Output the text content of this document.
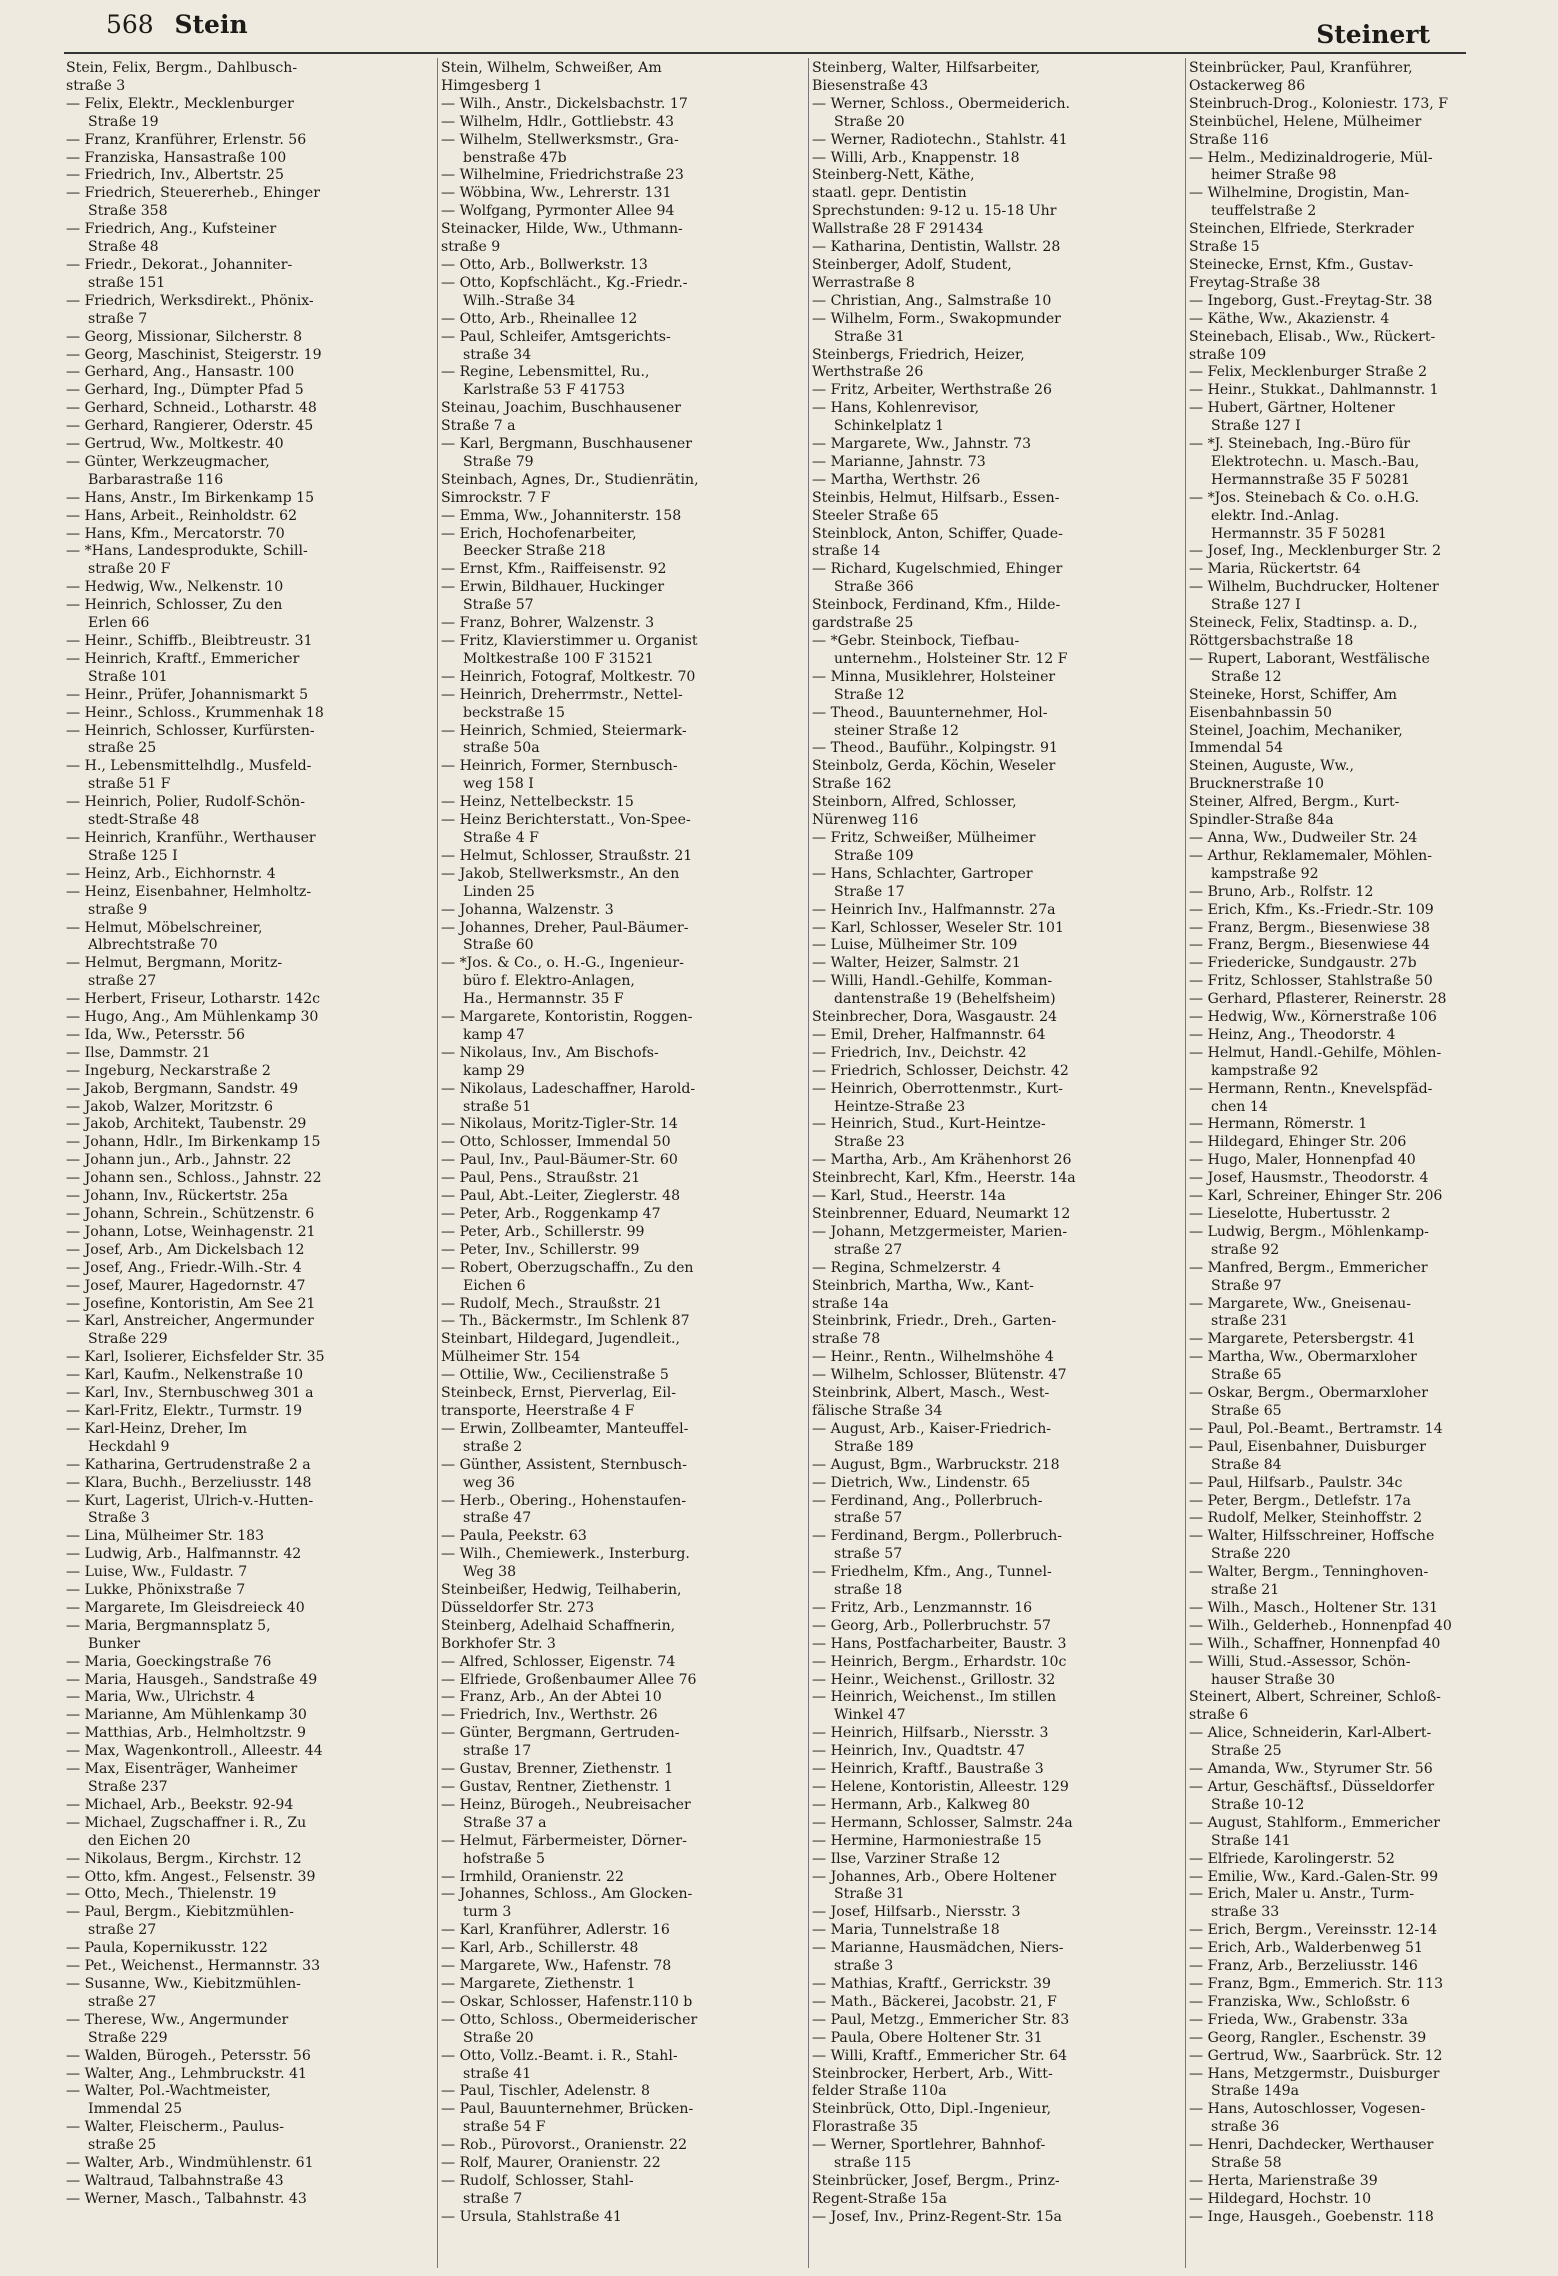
568 Stein	Steinert
Stein, Felix, Bergm., Dahlbusch-
straße 3
— Felix, Elektr., Mecklenburger
Straße 19
— Franz, Kranführer, Erlenstr. 56
— Franziska, Hansastraße 100
— Friedrich, Inv., Albertstr. 25
— Friedrich, Steuererheb., Ehinger
Straße 358
— Friedrich, Ang., Kufsteiner
Straße 48
— Friedr., Dekorat., Johanniter-
straße 151
— Friedrich, Werksdirekt., Phönix-
straße 7
— Georg, Missionar, Silcherstr. 8
— Georg, Maschinist, Steigerstr. 19
— Gerhard, Ang., Hansastr. 100
— Gerhard, Ing., Dümpter Pfad 5
— Gerhard, Schneid., Lotharstr. 48
— Gerhard, Rangierer, Oderstr. 45
— Gertrud, Ww., Moltkestr. 40
— Günter, Werkzeugmacher,
Barbarastraße 116
— Hans, Anstr., Im Birkenkamp 15
— Hans, Arbeit., Reinholdstr. 62
— Hans, Kfm., Mercatorstr. 70
— *Hans, Landesprodukte, Schill-
straße 20 F
— Hedwig, Ww., Nelkenstr. 10
— Heinrich, Schlosser, Zu den
Erlen 66
— Heinr., Schiffb., Bleibtreustr. 31
— Heinrich, Kraftf., Emmericher
Straße 101
— Heinr., Prüfer, Johannismarkt 5
— Heinr., Schloss., Krummenhak 18
— Heinrich, Schlosser, Kurfürsten-
straße 25
— H., Lebensmittelhdlg., Musfeld-
straße 51 F
— Heinrich, Polier, Rudolf-Schön-
stedt-Straße 48
— Heinrich, Kranführ., Werthauser
Straße 125 I
— Heinz, Arb., Eichhornstr. 4
— Heinz, Eisenbahner, Helmholtz-
straße 9
— Helmut, Möbelschreiner,
Albrechtstraße 70
— Helmut, Bergmann, Moritz-
straße 27
— Herbert, Friseur, Lotharstr. 142c
— Hugo, Ang., Am Mühlenkamp 30
— Ida, Ww., Petersstr. 56
— Ilse, Dammstr. 21
— Ingeburg, Neckarstraße 2
— Jakob, Bergmann, Sandstr. 49
— Jakob, Walzer, Moritzstr. 6
— Jakob, Architekt, Taubenstr. 29
— Johann, Hdlr., Im Birkenkamp 15
— Johann jun., Arb., Jahnstr. 22
— Johann sen., Schloss., Jahnstr. 22
— Johann, Inv., Rückertstr. 25a
— Johann, Schrein., Schützenstr. 6
— Johann, Lotse, Weinhagenstr. 21
— Josef, Arb., Am Dickelsbach 12
— Josef, Ang., Friedr.-Wilh.-Str. 4
— Josef, Maurer, Hagedornstr. 47
— Josefine, Kontoristin, Am See 21
— Karl, Anstreicher, Angermunder
Straße 229
— Karl, Isolierer, Eichsfelder Str. 35
— Karl, Kaufm., Nelkenstraße 10
— Karl, Inv., Sternbuschweg 301 a
— Karl-Fritz, Elektr., Turmstr. 19
— Karl-Heinz, Dreher, Im
Heckdahl 9
— Katharina, Gertrudenstraße 2 a
— Klara, Buchh., Berzeliusstr. 148
— Kurt, Lagerist, Ulrich-v.-Hutten-
Straße 3
— Lina, Mülheimer Str. 183
— Ludwig, Arb., Halfmannstr. 42
— Luise, Ww., Fuldastr. 7
— Lukke, Phönixstraße 7
— Margarete, Im Gleisdreieck 40
— Maria, Bergmannsplatz 5,
Bunker
— Maria, Goeckingstraße 76
— Maria, Hausgeh., Sandstraße 49
— Maria, Ww., Ulrichstr. 4
— Marianne, Am Mühlenkamp 30
— Matthias, Arb., Helmholtzstr. 9
— Max, Wagenkontroll., Alleestr. 44
— Max, Eisenträger, Wanheimer
Straße 237
— Michael, Arb., Beekstr. 92-94
— Michael, Zugschaffner i. R., Zu
den Eichen 20
— Nikolaus, Bergm., Kirchstr. 12
— Otto, kfm. Angest., Felsenstr. 39
— Otto, Mech., Thielenstr. 19
— Paul, Bergm., Kiebitzmühlen-
straße 27
— Paula, Kopernikusstr. 122
— Pet., Weichenst., Hermannstr. 33
— Susanne, Ww., Kiebitzmühlen-
straße 27
— Therese, Ww., Angermunder
Straße 229
— Walden, Bürogeh., Petersstr. 56
— Walter, Ang., Lehmbruckstr. 41
— Walter, Pol.-Wachtmeister,
Immendal 25
— Walter, Fleischerm., Paulus-
straße 25
— Walter, Arb., Windmühlenstr. 61
— Waltraud, Talbahnstraße 43
— Werner, Masch., Talbahnstr. 43
Stein, Wilhelm, Schweißer, Am
Himgesberg 1
— Wilh., Anstr., Dickelsbachstr. 17
— Wilhelm, Hdlr., Gottliebstr. 43
— Wilhelm, Stellwerksmstr., Gra-
benstraße 47b
— Wilhelmine, Friedrichstraße 23
— Wöbbina, Ww., Lehrerstr. 131
— Wolfgang, Pyrmonter Allee 94
Steinacker, Hilde, Ww., Uthmann-
straße 9
— Otto, Arb., Bollwerkstr. 13
— Otto, Kopfschlächt., Kg.-Friedr.-
Wilh.-Straße 34
— Otto, Arb., Rheinallee 12
— Paul, Schleifer, Amtsgerichts-
straße 34
— Regine, Lebensmittel, Ru.,
Karlstraße 53 F 41753
Steinau, Joachim, Buschhausener
Straße 7 a
— Karl, Bergmann, Buschhausener
Straße 79
Steinbach, Agnes, Dr., Studienrätin,
Simrockstr. 7 F
— Emma, Ww., Johanniterstr. 158
— Erich, Hochofenarbeiter,
Beecker Straße 218
— Ernst, Kfm., Raiffeisenstr. 92
— Erwin, Bildhauer, Huckinger
Straße 57
— Franz, Bohrer, Walzenstr. 3
— Fritz, Klavierstimmer u. Organist
Moltkestraße 100 F 31521
— Heinrich, Fotograf, Moltkestr. 70
— Heinrich, Dreherrmstr., Nettel-
beckstraße 15
— Heinrich, Schmied, Steiermark-
straße 50a
— Heinrich, Former, Sternbusch-
weg 158 I
— Heinz, Nettelbeckstr. 15
— Heinz Berichterstatt., Von-Spee-
Straße 4 F
— Helmut, Schlosser, Straußstr. 21
— Jakob, Stellwerksmstr., An den
Linden 25
— Johanna, Walzenstr. 3
— Johannes, Dreher, Paul-Bäumer-
Straße 60
— *Jos. & Co., o. H.-G., Ingenieur-
büro f. Elektro-Anlagen,
Ha., Hermannstr. 35 F
— Margarete, Kontoristin, Roggen-
kamp 47
— Nikolaus, Inv., Am Bischofs-
kamp 29
— Nikolaus, Ladeschaffner, Harold-
straße 51
— Nikolaus, Moritz-Tigler-Str. 14
— Otto, Schlosser, Immendal 50
— Paul, Inv., Paul-Bäumer-Str. 60
— Paul, Pens., Straußstr. 21
— Paul, Abt.-Leiter, Zieglerstr. 48
— Peter, Arb., Roggenkamp 47
— Peter, Arb., Schillerstr. 99
— Peter, Inv., Schillerstr. 99
— Robert, Oberzugschaffn., Zu den
Eichen 6
— Rudolf, Mech., Straußstr. 21
— Th., Bäckermstr., Im Schlenk 87
Steinbart, Hildegard, Jugendleit.,
Mülheimer Str. 154
— Ottilie, Ww., Cecilienstraße 5
Steinbeck, Ernst, Pierverlag, Eil-
transporte, Heerstraße 4 F
— Erwin, Zollbeamter, Manteuffel-
straße 2
— Günther, Assistent, Sternbusch-
weg 36
— Herb., Obering., Hohenstaufen-
straße 47
— Paula, Peekstr. 63
— Wilh., Chemiewerk., Insterburg.
Weg 38
Steinbeißer, Hedwig, Teilhaberin,
Düsseldorfer Str. 273
Steinberg, Adelhaid Schaffnerin,
Borkhofer Str. 3
— Alfred, Schlosser, Eigenstr. 74
— Elfriede, Großenbaumer Allee 76
— Franz, Arb., An der Abtei 10
— Friedrich, Inv., Werthstr. 26
— Günter, Bergmann, Gertruden-
straße 17
— Gustav, Brenner, Ziethenstr. 1
— Gustav, Rentner, Ziethenstr. 1
— Heinz, Bürogeh., Neubreisacher
Straße 37 a
— Helmut, Färbermeister, Dörner-
hofstraße 5
— Irmhild, Oranienstr. 22
— Johannes, Schloss., Am Glocken-
turm 3
— Karl, Kranführer, Adlerstr. 16
— Karl, Arb., Schillerstr. 48
— Margarete, Ww., Hafenstr. 78
— Margarete, Ziethenstr. 1
— Oskar, Schlosser, Hafenstr.110 b
— Otto, Schloss., Obermeiderischer
Straße 20
— Otto, Vollz.-Beamt. i. R., Stahl-
straße 41
— Paul, Tischler, Adelenstr. 8
— Paul, Bauunternehmer, Brücken-
straße 54 F
— Rob., Pürovorst., Oranienstr. 22
— Rolf, Maurer, Oranienstr. 22
— Rudolf, Schlosser, Stahl-
straße 7
— Ursula, Stahlstraße 41
Steinberg, Walter, Hilfsarbeiter,
Biesenstraße 43
— Werner, Schloss., Obermeiderich.
Straße 20
— Werner, Radiotechn., Stahlstr. 41
— Willi, Arb., Knappenstr. 18
Steinberg-Nett, Käthe,
staatl. gepr. Dentistin
Sprechstunden: 9-12 u. 15-18 Uhr
Wallstraße 28 F 291434
— Katharina, Dentistin, Wallstr. 28
Steinberger, Adolf, Student,
Werrastraße 8
— Christian, Ang., Salmstraße 10
— Wilhelm, Form., Swakopmunder
Straße 31
Steinbergs, Friedrich, Heizer,
Werthstraße 26
— Fritz, Arbeiter, Werthstraße 26
— Hans, Kohlenrevisor,
Schinkelplatz 1
— Margarete, Ww., Jahnstr. 73
— Marianne, Jahnstr. 73
— Martha, Werthstr. 26
Steinbis, Helmut, Hilfsarb., Essen-
Steeler Straße 65
Steinblock, Anton, Schiffer, Quade-
straße 14
— Richard, Kugelschmied, Ehinger
Straße 366
Steinbock, Ferdinand, Kfm., Hilde-
gardstraße 25
— *Gebr. Steinbock, Tiefbau-
unternehm., Holsteiner Str. 12 F
— Minna, Musiklehrer, Holsteiner
Straße 12
— Theod., Bauunternehmer, Hol-
steiner Straße 12
— Theod., Bauführ., Kolpingstr. 91
Steinbolz, Gerda, Köchin, Weseler
Straße 162
Steinborn, Alfred, Schlosser,
Nürenweg 116
— Fritz, Schweißer, Mülheimer
Straße 109
— Hans, Schlachter, Gartroper
Straße 17
— Heinrich Inv., Halfmannstr. 27a
— Karl, Schlosser, Weseler Str. 101
— Luise, Mülheimer Str. 109
— Walter, Heizer, Salmstr. 21
— Willi, Handl.-Gehilfe, Komman-
dantenstraße 19 (Behelfsheim)
Steinbrecher, Dora, Wasgaustr. 24
— Emil, Dreher, Halfmannstr. 64
— Friedrich, Inv., Deichstr. 42
— Friedrich, Schlosser, Deichstr. 42
— Heinrich, Oberrottenmstr., Kurt-
Heintze-Straße 23
— Heinrich, Stud., Kurt-Heintze-
Straße 23
— Martha, Arb., Am Krähenhorst 26
Steinbrecht, Karl, Kfm., Heerstr. 14a
— Karl, Stud., Heerstr. 14a
Steinbrenner, Eduard, Neumarkt 12
— Johann, Metzgermeister, Marien-
straße 27
— Regina, Schmelzerstr. 4
Steinbrich, Martha, Ww., Kant-
straße 14a
Steinbrink, Friedr., Dreh., Garten-
straße 78
— Heinr., Rentn., Wilhelmshöhe 4
— Wilhelm, Schlosser, Blütenstr. 47
Steinbrink, Albert, Masch., West-
fälische Straße 34
— August, Arb., Kaiser-Friedrich-
Straße 189
— August, Bgm., Warbruckstr. 218
— Dietrich, Ww., Lindenstr. 65
— Ferdinand, Ang., Pollerbruch-
straße 57
— Ferdinand, Bergm., Pollerbruch-
straße 57
— Friedhelm, Kfm., Ang., Tunnel-
straße 18
— Fritz, Arb., Lenzmannstr. 16
— Georg, Arb., Pollerbruchstr. 57
— Hans, Postfacharbeiter, Baustr. 3
— Heinrich, Bergm., Erhardstr. 10c
— Heinr., Weichenst., Grillostr. 32
— Heinrich, Weichenst., Im stillen
Winkel 47
— Heinrich, Hilfsarb., Niersstr. 3
— Heinrich, Inv., Quadtstr. 47
— Heinrich, Kraftf., Baustraße 3
— Helene, Kontoristin, Alleestr. 129
— Hermann, Arb., Kalkweg 80
— Hermann, Schlosser, Salmstr. 24a
— Hermine, Harmoniestraße 15
— Ilse, Varziner Straße 12
— Johannes, Arb., Obere Holtener
Straße 31
— Josef, Hilfsarb., Niersstr. 3
— Maria, Tunnelstraße 18
— Marianne, Hausmädchen, Niers-
straße 3
— Mathias, Kraftf., Gerrickstr. 39
— Math., Bäckerei, Jacobstr. 21, F
— Paul, Metzg., Emmericher Str. 83
— Paula, Obere Holtener Str. 31
— Willi, Kraftf., Emmericher Str. 64
Steinbrocker, Herbert, Arb., Witt-
felder Straße 110a
Steinbrück, Otto, Dipl.-Ingenieur,
Florastraße 35
— Werner, Sportlehrer, Bahnhof-
straße 115
Steinbrücker, Josef, Bergm., Prinz-
Regent-Straße 15a
— Josef, Inv., Prinz-Regent-Str. 15a
Steinbrücker, Paul, Kranführer,
Ostackerweg 86
Steinbruch-Drog., Koloniestr. 173, F
Steinbüchel, Helene, Mülheimer
Straße 116
— Helm., Medizinaldrogerie, Mül-
heimer Straße 98
— Wilhelmine, Drogistin, Man-
teuffelstraße 2
Steinchen, Elfriede, Sterkrader
Straße 15
Steinecke, Ernst, Kfm., Gustav-
Freytag-Straße 38
— Ingeborg, Gust.-Freytag-Str. 38
— Käthe, Ww., Akazienstr. 4
Steinebach, Elisab., Ww., Rückert-
straße 109
— Felix, Mecklenburger Straße 2
— Heinr., Stukkat., Dahlmannstr. 1
— Hubert, Gärtner, Holtener
Straße 127 I
— *J. Steinebach, Ing.-Büro für
Elektrotechn. u. Masch.-Bau,
Hermannstraße 35 F 50281
— *Jos. Steinebach & Co. o.H.G.
elektr. Ind.-Anlag.
Hermannstr. 35 F 50281
— Josef, Ing., Mecklenburger Str. 2
— Maria, Rückertstr. 64
— Wilhelm, Buchdrucker, Holtener
Straße 127 I
Steineck, Felix, Stadtinsp. a. D.,
Röttgersbachstraße 18
— Rupert, Laborant, Westfälische
Straße 12
Steineke, Horst, Schiffer, Am
Eisenbahnbassin 50
Steinel, Joachim, Mechaniker,
Immendal 54
Steinen, Auguste, Ww.,
Brucknerstraße 10
Steiner, Alfred, Bergm., Kurt-
Spindler-Straße 84a
— Anna, Ww., Dudweiler Str. 24
— Arthur, Reklamemaler, Möhlen-
kampstraße 92
— Bruno, Arb., Rolfstr. 12
— Erich, Kfm., Ks.-Friedr.-Str. 109
— Franz, Bergm., Biesenwiese 38
— Franz, Bergm., Biesenwiese 44
— Friedericke, Sundgaustr. 27b
— Fritz, Schlosser, Stahlstraße 50
— Gerhard, Pflasterer, Reinerstr. 28
— Hedwig, Ww., Körnerstraße 106
— Heinz, Ang., Theodorstr. 4
— Helmut, Handl.-Gehilfe, Möhlen-
kampstraße 92
— Hermann, Rentn., Knevelspfäd-
chen 14
— Hermann, Römerstr. 1
— Hildegard, Ehinger Str. 206
— Hugo, Maler, Honnenpfad 40
— Josef, Hausmstr., Theodorstr. 4
— Karl, Schreiner, Ehinger Str. 206
— Lieselotte, Hubertusstr. 2
— Ludwig, Bergm., Möhlenkamp-
straße 92
— Manfred, Bergm., Emmericher
Straße 97
— Margarete, Ww., Gneisenau-
straße 231
— Margarete, Petersbergstr. 41
— Martha, Ww., Obermarxloher
Straße 65
— Oskar, Bergm., Obermarxloher
Straße 65
— Paul, Pol.-Beamt., Bertramstr. 14
— Paul, Eisenbahner, Duisburger
Straße 84
— Paul, Hilfsarb., Paulstr. 34c
— Peter, Bergm., Detlefstr. 17a
— Rudolf, Melker, Steinhoffstr. 2
— Walter, Hilfsschreiner, Hoffsche
Straße 220
— Walter, Bergm., Tenninghoven-
straße 21
— Wilh., Masch., Holtener Str. 131
— Wilh., Gelderheb., Honnenpfad 40
— Wilh., Schaffner, Honnenpfad 40
— Willi, Stud.-Assessor, Schön-
hauser Straße 30
Steinert, Albert, Schreiner, Schloß-
straße 6
— Alice, Schneiderin, Karl-Albert-
Straße 25
— Amanda, Ww., Styrumer Str. 56
— Artur, Geschäftsf., Düsseldorfer
Straße 10-12
— August, Stahlform., Emmericher
Straße 141
— Elfriede, Karolingerstr. 52
— Emilie, Ww., Kard.-Galen-Str. 99
— Erich, Maler u. Anstr., Turm-
straße 33
— Erich, Bergm., Vereinsstr. 12-14
— Erich, Arb., Walderbenweg 51
— Franz, Arb., Berzeliusstr. 146
— Franz, Bgm., Emmerich. Str. 113
— Franziska, Ww., Schloßstr. 6
— Frieda, Ww., Grabenstr. 33a
— Georg, Rangler., Eschenstr. 39
— Gertrud, Ww., Saarbrück. Str. 12
— Hans, Metzgermstr., Duisburger
Straße 149a
— Hans, Autoschlosser, Vogesen-
straße 36
— Henri, Dachdecker, Werthauser
Straße 58
— Herta, Marienstraße 39
— Hildegard, Hochstr. 10
— Inge, Hausgeh., Goebenstr. 118
